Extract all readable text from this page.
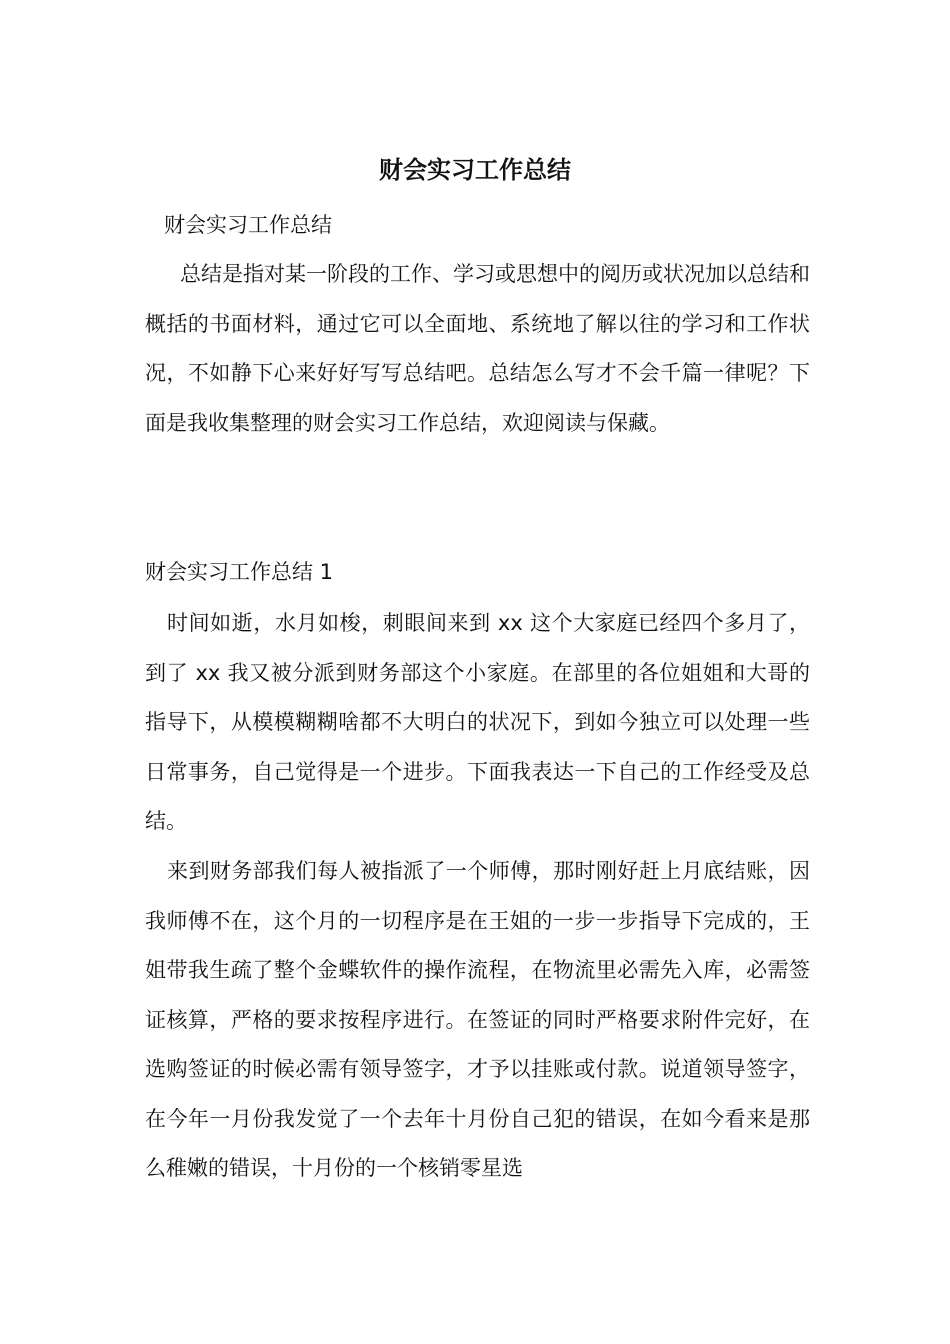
财会实习工作总结

财会实习工作总结

总结是指对某一阶段的工作、学习或思想中的阅历或状况加以总结和概括的书面材料，通过它可以全面地、系统地了解以往的学习和工作状况，不如静下心来好好写写总结吧。总结怎么写才不会千篇一律呢？下面是我收集整理的财会实习工作总结，欢迎阅读与保藏。

财会实习工作总结 1

时间如逝，水月如梭，刺眼间来到 xx 这个大家庭已经四个多月了，到了 xx 我又被分派到财务部这个小家庭。在部里的各位姐姐和大哥的指导下，从模模糊糊啥都不大明白的状况下，到如今独立可以处理一些日常事务，自己觉得是一个进步。下面我表达一下自己的工作经受及总结。

来到财务部我们每人被指派了一个师傅，那时刚好赶上月底结账，因我师傅不在，这个月的一切程序是在王姐的一步一步指导下完成的，王姐带我生疏了整个金蝶软件的操作流程，在物流里必需先入库，必需签证核算，严格的要求按程序进行。在签证的同时严格要求附件完好，在选购签证的时候必需有领导签字，才予以挂账或付款。说道领导签字，在今年一月份我发觉了一个去年十月份自己犯的错误，在如今看来是那么稚嫩的错误，十月份的一个核销零星选
